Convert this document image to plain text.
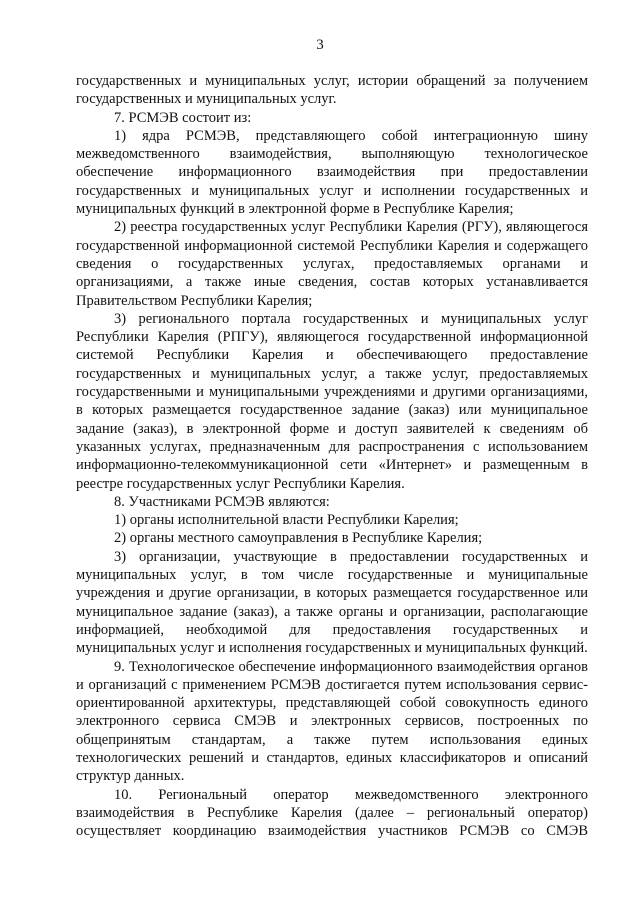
3

государственных и муниципальных услуг, истории обращений за получением государственных и муниципальных услуг.

7. РСМЭВ состоит из:

1) ядра РСМЭВ, представляющего собой интеграционную шину межведомственного взаимодействия, выполняющую технологическое обеспечение информационного взаимодействия при предоставлении государственных и муниципальных услуг и исполнении государственных и муниципальных функций в электронной форме в Республике Карелия;

2) реестра государственных услуг Республики Карелия (РГУ), являющегося государственной информационной системой Республики Карелия и содержащего сведения о государственных услугах, предоставляемых органами и организациями, а также иные сведения, состав которых устанавливается Правительством Республики Карелия;

3) регионального портала государственных и муниципальных услуг Республики Карелия (РПГУ), являющегося государственной информационной системой Республики Карелия и обеспечивающего предоставление государственных и муниципальных услуг, а также услуг, предоставляемых государственными и муниципальными учреждениями и другими организациями, в которых размещается государственное задание (заказ) или муниципальное задание (заказ), в электронной форме и доступ заявителей к сведениям об указанных услугах, предназначенным для распространения с использованием информационно-телекоммуникационной сети «Интернет» и размещенным в реестре государственных услуг Республики Карелия.

8. Участниками РСМЭВ являются:

1) органы исполнительной власти Республики Карелия;

2) органы местного самоуправления в Республике Карелия;

3) организации, участвующие в предоставлении государственных и муниципальных услуг, в том числе государственные и муниципальные учреждения и другие организации, в которых размещается государственное или муниципальное задание (заказ), а также органы и организации, располагающие информацией, необходимой для предоставления государственных и муниципальных услуг и исполнения государственных и муниципальных функций.

9. Технологическое обеспечение информационного взаимодействия органов и организаций с применением РСМЭВ достигается путем использования сервис-ориентированной архитектуры, представляющей собой совокупность единого электронного сервиса СМЭВ и электронных сервисов, построенных по общепринятым стандартам, а также путем использования единых технологических решений и стандартов, единых классификаторов и описаний структур данных.

10. Региональный оператор межведомственного электронного взаимодействия в Республике Карелия (далее – региональный оператор) осуществляет координацию взаимодействия участников РСМЭВ со СМЭВ
